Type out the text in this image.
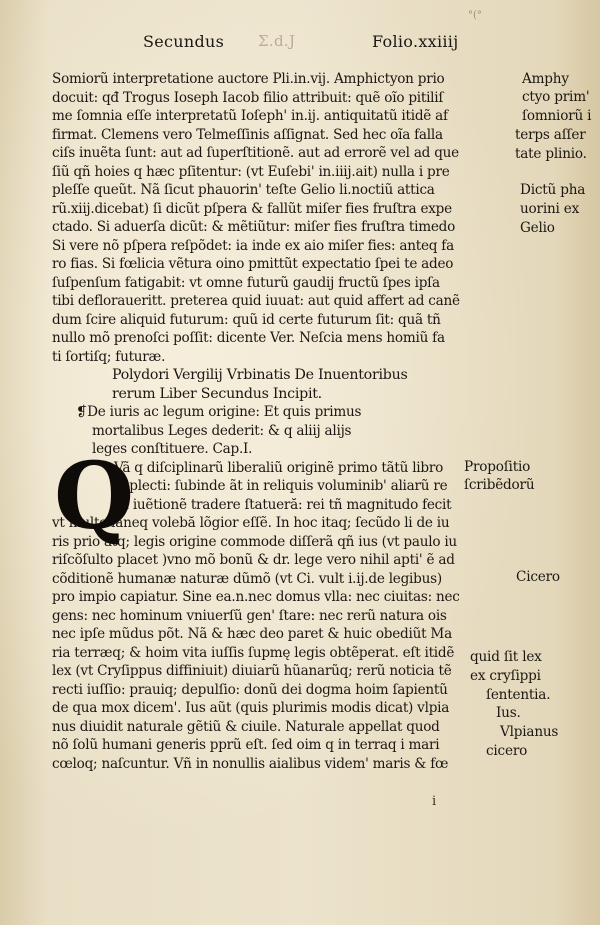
°(°
Secundus Σ.d.J	Folio.xxiiij
Somiorũ interpretatione auctore Pli.in.vij. Amphictyon prio
docuit: qđ Trogus Ioseph Iacob filio attribuit: quẽ oĩo pitiliſ
me ſomnia eſſe interpretatũ Ioſeph' in.ij. antiquitatũ itidẽ af
firmat. Clemens vero Telmeſſinis aſſignat. Sed hec oĩa falla
ciſs inuẽta ſunt: aut ad ſuperſtitionẽ. aut ad errorẽ vel ad que
ſiũ qñ hoies q hæc pſitentur: (vt Euſebi' in.iiij.ait) nulla i pre
pleſſe queũt. Nã ſicut phauorin' teſte Gelio li.noctiũ attica
rũ.xiij.dicebat) ſi dicũt pſpera & fallũt miſer fies fruſtra expe
ctado. Si aduerſa dicũt: & mẽtiũtur: miſer fies fruſtra timedo
Si vere nõ pſpera reſpõdet: ia inde ex aio miſer fies: anteq fa
ro fias. Si fœlicia vẽtura oino pmittũt expectatio ſpei te adeo
ſuſpenſum fatigabit: vt omne futurũ gaudij fructũ ſpes ipſa
tibi defloraueritt. preterea quid iuuat: aut quid affert ad canẽ
dum ſcire aliquid futurum: quũ id certe futurum ſit: quã tñ
nullo mõ prenoſci poſſit: dicente Ver. Neſcia mens homiũ fa
ti ſortiſq; futuræ.
Polydori Vergilij Vrbinatis De Inuentoribus
rerum Liber Secundus Incipit.
❡De iuris ac legum origine: Et quis primus
mortalibus Leges dederit: & q aliij alijs
leges conſtituere. Cap.I.
Vã q diſciplinarũ liberaliũ originẽ primo tãtũ libro
cõplecti: ſubinde ãt in reliquis voluminib' aliarũ re
rũ iuẽtionẽ tradere ſtatueră: rei tñ magnitudo fecit
vt multo laneq volebă lõgior eſſẽ. In hoc itaq; ſecũdo li de iu
ris prio atq; legis origine commode diſſerã qñ ius (vt paulo iu
riſcõſulto placet )vno mõ bonũ & dr. lege vero nihil apti' ẽ ad
cõditionẽ humanæ naturæ dũmõ (vt Ci. vult i.ij.de legibus)
pro impio capiatur. Sine ea.n.nec domus vlla: nec ciuitas: nec
gens: nec hominum vniuerſũ gen' ſtare: nec rerũ natura ois
nec ipſe mũdus põt. Nã & hæc deo paret & huic obediũt Ma
ria terræq; & hoim vita iuſſis ſupmę legis obtẽperat. eſt itidẽ
lex (vt Cryſippus diffiniuit) diuiarũ hũanarũq; rerũ noticia tẽ
recti iuſſio: prauiq; depulſio: donũ dei dogma hoim ſapientũ
de qua mox dicem'. Ius aũt (quis plurimis modis dicat) vlpia
nus diuidit naturale gẽtiũ & ciuile. Naturale appellat quod
nõ ſolũ humani generis pprũ eſt. ſed oim q in terraq i mari
cœloq; naſcuntur. Vñ in nonullis aialibus videm' maris & fœ
Q
Amphy
ctyo prim'
ſomniorũ i
terps aſſer
tate plinio.
Dictũ pha
uorini ex
Gelio
Propoſitio
ſcribẽdorũ
Cicero
quid ſit lex
ex cryſippi
ſententia.
Ius.
Vlpianus
cicero
i
